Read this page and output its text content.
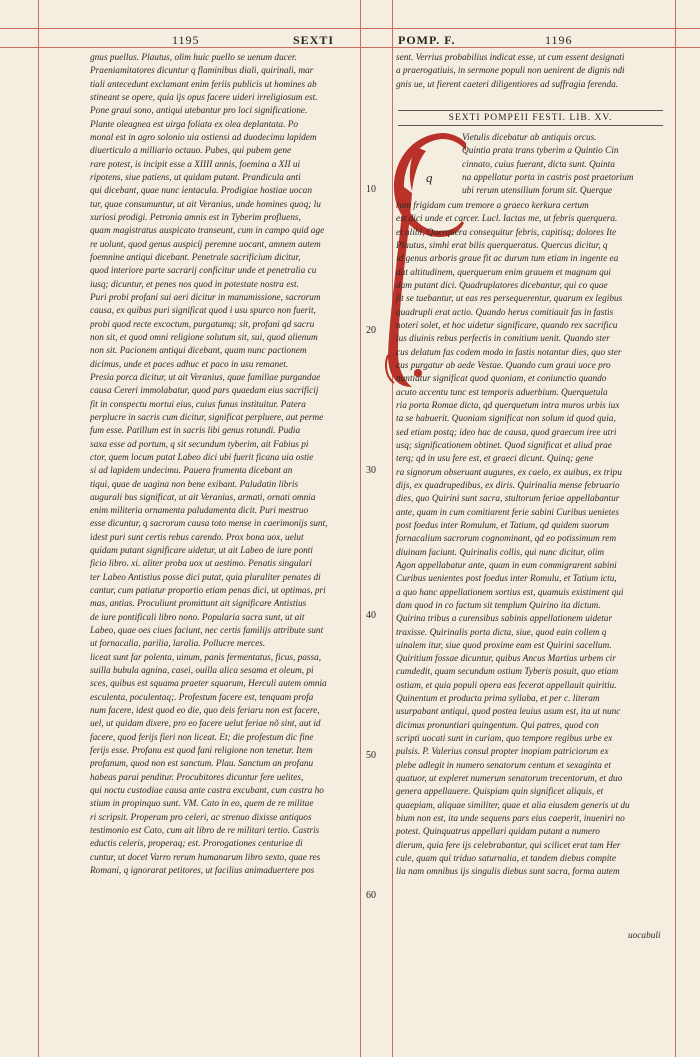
1195	SEXTI	POMP. F.	1196
10
20
30
40
50
60
gnus puellus. Plautus, olim huic puello se uenum ducer.
Praeniamitatores dicuntur q flaminibus diali, quirinali, mar
tiali antecedunt exclamant enim feriis publicis ut homines ab
stineant se opere, quia ijs opus facere uideri irreligiosum est.
Pone graui sono, antiqui utebantur pro loci significatione.
Plante oleagnea est uirga foliata ex olea deplantata. Po
monal est in agro solonio uia ostiensi ad duodecimu lapidem
diuerticulo a milliario octauo. Pubes, qui pubem gene
rare potest, is incipit esse a XIIII annis, foemina a XII ui
ripotens, siue patiens, ut quidam putant. Prandicula anti
qui dicebant, quae nunc ientacula. Prodigiae hostiae uocan
tur, quae consumuntur, ut ait Veranius, unde homines quoq; lu
xuriosi prodigi. Petronia amnis est in Tyberim profluens,
quam magistratus auspicato transeunt, cum in campo quid age
re uolunt, quod genus auspicij peremne uocant, amnem autem
foemnine antiqui dicebant. Penetrale sacrificium dicitur,
quod interiore parte sacrarij conficitur unde et penetralia cu
iusq; dicuntur, et penes nos quod in potestate nostra est.
Puri probi profani sui aeri dicitur in manumissione, sacrorum
causa, ex quibus puri significat quod i usu spurco non fuerit,
probi quod recte excoctum, purgatumq; sit, profani qd sacru
non sit, et quod omni religione solutum sit, sui, quod alienum
non sit. Pacionem antiqui dicebant, quam nunc pactionem
dicimus, unde et paces adhuc et paco in usu remanet.
Presia porca dicitur, ut ait Veranius, quae familiae purgandae
causa Cereri immolabatur, quod pars quaedam eius sacrificij
fit in conspectu mortui eius, cuius funus instituitur. Patera
perplucre in sacris cum dicitur, significat perpluere, aut perme
fum esse. Patillum est in sacris libi genus rotundi. Pudia
saxa esse ad portum, q sit secundum tyberim, ait Fabius pi
ctor, quem locum putat Labeo dici ubi fuerit ficana uia ostie
si ad lapidem undecimu. Pauera frumenta dicebant an
tiqui, quae de uagina non bene exibant. Paludatin libris
augurali bus significat, ut ait Veranius, armati, ornati omnia
enim militeria ornamenta paludamenta dicit. Puri mestruo
esse dicuntur, q sacrorum causa toto mense in caerimonijs sunt,
idest puri sunt certis rebus carendo. Prox bona uox, uelut
quidam putant significare uidetur, ut ait Labeo de iure ponti
ficio libro. xi. aliter proba uox ut aestimo. Penatis singulari
ter Labeo Antistius posse dici putat, quia pluraliter penates di
cantur, cum patiatur proportio etiam penas dici, ut optimas, pri
mas, antias. Proculiunt promittunt ait significare Antistius
de iure pontificali libro nono. Popularia sacra sunt, ut ait
Labeo, quae oes ciues faciunt, nec certis familijs attribute sunt
ut fornacalia, parilia, laralia. Pollucre merces.
liceat sunt far polenta, uinum, panis fermentatus, ficus, passa,
suilla bubula agnina, casei, ouilla alica sesama et oleum, pi
sces, quibus est squama praeter squarum, Herculi autem omnia
esculenta, poculentaq;. Profestum facere est, tenquam profa
num facere, idest quod eo die, quo deis feriaru non est facere,
uel, ut quidam dixere, pro eo facere uelut feriae nõ sint, aut id
facere, quod ferijs fieri non liceat. Et; die profestum dic fine
ferijs esse. Profanu est quod fani religione non tenetur. Item
profanum, quod non est sanctum. Plau. Sanctum an profanu
habeas parui penditur. Procubitores dicuntur fere uelites,
qui noctu custodiae causa ante castra excubant, cum castra ho
stium in propinquo sunt. VM. Cato in eo, quem de re militae
ri scripsit. Properam pro celeri, ac strenuo dixisse antiquos
testimonio est Cato, cum ait libro de re militari tertio. Castris
eductis celeris, properaq; est. Prorogationes centuriae di
cuntur, ut docet Varro rerum humanarum libro sexto, quae res
Romani, q ignorarat petitores, ut facilius animaduertere pos
sent. Verrius probabilius indicat esse, ut cum essent designati
a praerogatiuis, in sermone populi non uenirent de dignis ndi
gnis ue, ut fierent caeteri diligentiores ad suffragia ferenda.
SEXTI POMPEII FESTI. LIB. XV.
q
Vietulis dicebatur ab antiquis orcus.
Quintia prata trans tyberim a Quintio Cin
cinnato, cuius fuerant, dicta sunt. Quinta
na appellatur porta in castris post praetorium
ubi rerum utensilium forum sit. Querque
ram frigidam cum tremore a graeco kerkura certum
est dici unde et carcer. Lucl. Iactas me, ut febris querquera.
et alibi, Querquera consequitur febris, capitisq; dolores Ite
Plautus, simhi erat bilis querqueratus. Quercus dicitur, q
id genus arboris graue fit ac durum tum etiam in ingente ea
dat altitudinem, querquerum enim grauem et magnam qui
dam putant dici. Quadruplatores dicebantur, qui co quae
fit se tuebantur, ut eas res persequerentur, quarum ex legibus
quadrupli erat actio. Quando herus comitiauit fas in fastis
noteri solet, et hoc uidetur significare, quando rex sacrificu
lus diuinis rebus perfectis in comitium uenit. Quando ster
cus delatum fas codem modo in fastis notantur dies, quo ster
cus purgatur ab aede Vestae. Quando cum graui uoce pro
nuntiatur significat quod quoniam, et coniunctio quando
acuto accentu tunc est temporis aduerbium. Querquetula
ria porta Romae dicta, qd querquetum intra muros urbis iux
ta se habuerit. Quoniam significat non solum id quod quia,
sed etiam postq; ideo hac de causa, quod graecum iree utri
usq; significationem obtinet. Quod significat et aliud prae
terq; qd in usu fere est, et graeci dicunt. Quinq; gene
ra signorum obseruant augures, ex caelo, ex auibus, ex tripu
dijs, ex quadrupedibus, ex diris. Quirinalia mense februario
dies, quo Quirini sunt sacra, stultorum feriae appellabantur
ante, quam in cum comitiarent ferie sabini Curibus uenietes
post foedus inter Romulum, et Tatium, qd quidem suorum
fornacalium sacrorum cognominant, qd eo potissimum rem
diuinam faciunt. Quirinalis collis, qui nunc dicitur, olim
Agon appellabatur ante, quam in eum commigrarent sabini
Curibus uenientes post foedus inter Romulu, et Tatium ictu,
a quo hanc appellationem sortius est, quamuis existiment qui
dam quod in co factum sit templum Quirino ita dictum.
Quirina tribus a curensibus sabinis appellationem uidetur
traxisse. Quirinalis porta dicta, siue, quod eain collem q
uinalem itur, siue quod proxime eam est Quirini sacellum.
Quiritium fossae dicuntur, quibus Ancus Martius urbem cir
cumdedit, quam secundum ostium Tyberis posuit, quo etiam
ostiam, et quia populi opera eas fecerat appellauit quiritiu.
Quinentum et producta prima syllaba, et per c. literam
usurpabant antiqui, quod postea leuius usum est, ita ut nunc
dicimus pronuntiari quingentum. Qui patres, quod con
scripti uocati sunt in curiam, quo tempore regibus urbe ex
pulsis. P. Valerius consul propter inopiam patriciorum ex
plebe adlegit in numero senatorum centum et sexaginta et
quatuor, ut expleret numerum senatorum trecentorum, et duo
genera appellauere. Quispiam quin significet aliquis, et
quaepiam, aliquae similiter, quae et alia eiusdem generis ut du
bium non est, ita unde sequens pars eius caeperit, inueniri no
potest. Quinquatrus appellari quidam putant a numero
dierum, quia fere ijs celebrabantur, qui scilicet erat tam Her
cule, quam qui triduo saturnalia, et tandem diebus compite
lia nam omnibus ijs singulis diebus sunt sacra, forma autem
uocabuli
